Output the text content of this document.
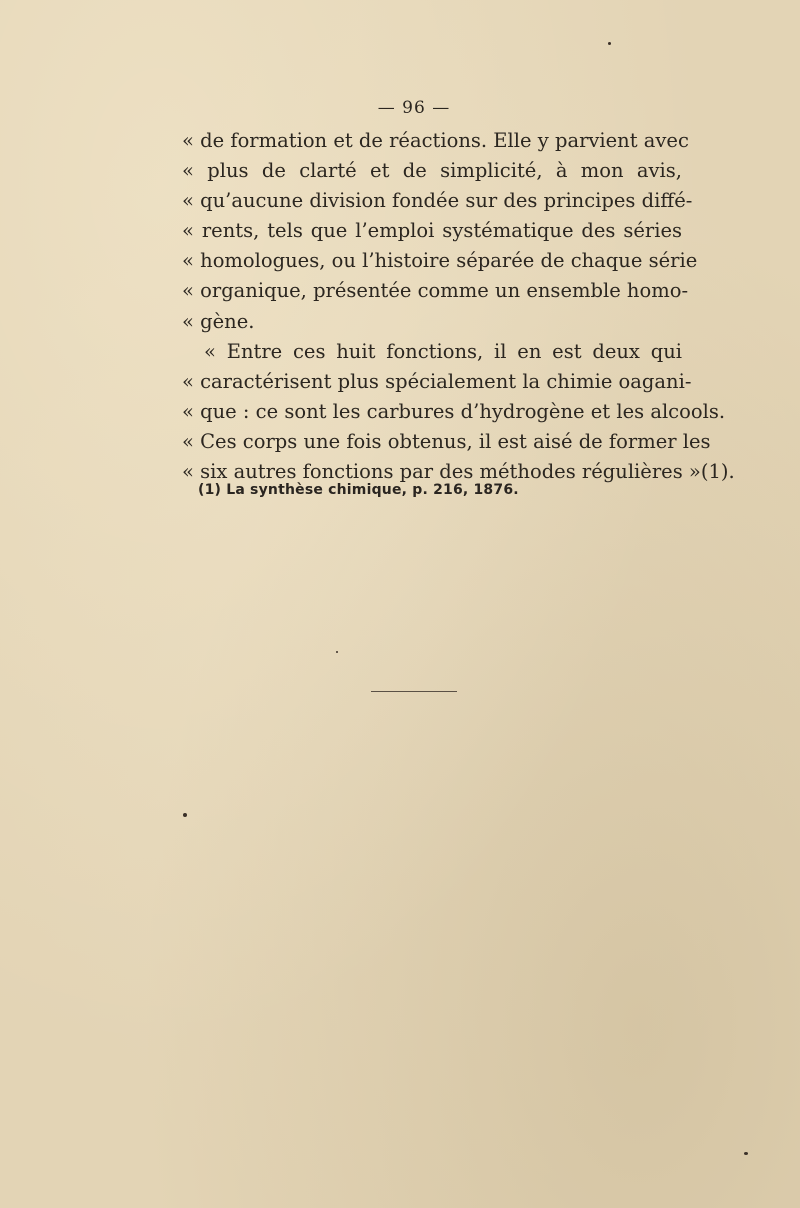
— 96 —
« de formation et de réactions. Elle y parvient avec
« plus de clarté et de simplicité, à mon avis,
« qu’aucune division fondée sur des principes diffé-
« rents, tels que l’emploi systématique des séries
« homologues, ou l’histoire séparée de chaque série
« organique, présentée comme un ensemble homo-
« gène.
« Entre ces huit fonctions, il en est deux qui
« caractérisent plus spécialement la chimie oagani-
« que : ce sont les carbures d’hydrogène et les alcools.
« Ces corps une fois obtenus, il est aisé de former les
« six autres fonctions par des méthodes régulières »(1).
(1) La synthèse chimique, p. 216, 1876.
